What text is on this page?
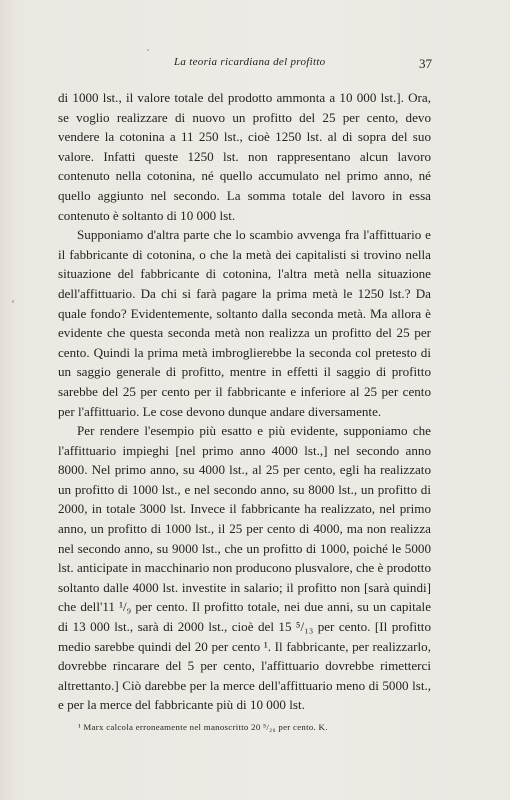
La teoria ricardiana del profitto	37

di 1000 lst., il valore totale del prodotto ammonta a 10 000 lst.]. Ora, se voglio realizzare di nuovo un profitto del 25 per cento, devo vendere la cotonina a 11 250 lst., cioè 1250 lst. al di sopra del suo valore. Infatti queste 1250 lst. non rappresentano alcun lavoro contenuto nella cotonina, né quello accumulato nel primo anno, né quello aggiunto nel secondo. La somma totale del lavoro in essa contenuto è soltanto di 10 000 lst.

Supponiamo d'altra parte che lo scambio avvenga fra l'affittuario e il fabbricante di cotonina, o che la metà dei capitalisti si trovino nella situazione del fabbricante di cotonina, l'altra metà nella situazione dell'affittuario. Da chi si farà pagare la prima metà le 1250 lst.? Da quale fondo? Evidentemente, soltanto dalla seconda metà. Ma allora è evidente che questa seconda metà non realizza un profitto del 25 per cento. Quindi la prima metà imbroglierebbe la seconda col pretesto di un saggio generale di profitto, mentre in effetti il saggio di profitto sarebbe del 25 per cento per il fabbricante e inferiore al 25 per cento per l'affittuario. Le cose devono dunque andare diversamente.

Per rendere l'esempio più esatto e più evidente, supponiamo che l'affittuario impieghi [nel primo anno 4000 lst.,] nel secondo anno 8000. Nel primo anno, su 4000 lst., al 25 per cento, egli ha realizzato un profitto di 1000 lst., e nel secondo anno, su 8000 lst., un profitto di 2000, in totale 3000 lst. Invece il fabbricante ha realizzato, nel primo anno, un profitto di 1000 lst., il 25 per cento di 4000, ma non realizza nel secondo anno, su 9000 lst., che un profitto di 1000, poiché le 5000 lst. anticipate in macchinario non producono plusvalore, che è prodotto soltanto dalle 4000 lst. investite in salario; il profitto non [sarà quindi] che dell'11 ¹/₉ per cento. Il profitto totale, nei due anni, su un capitale di 13 000 lst., sarà di 2000 lst., cioè del 15 ⁵/₁₃ per cento. [Il profitto medio sarebbe quindi del 20 per cento ¹. Il fabbricante, per realizzarlo, dovrebbe rincarare del 5 per cento, l'affittuario dovrebbe rimetterci altrettanto.] Ciò darebbe per la merce dell'affittuario meno di 5000 lst., e per la merce del fabbricante più di 10 000 lst.

¹ Marx calcola erroneamente nel manoscritto 20 ⁵/₂₆ per cento. K.
